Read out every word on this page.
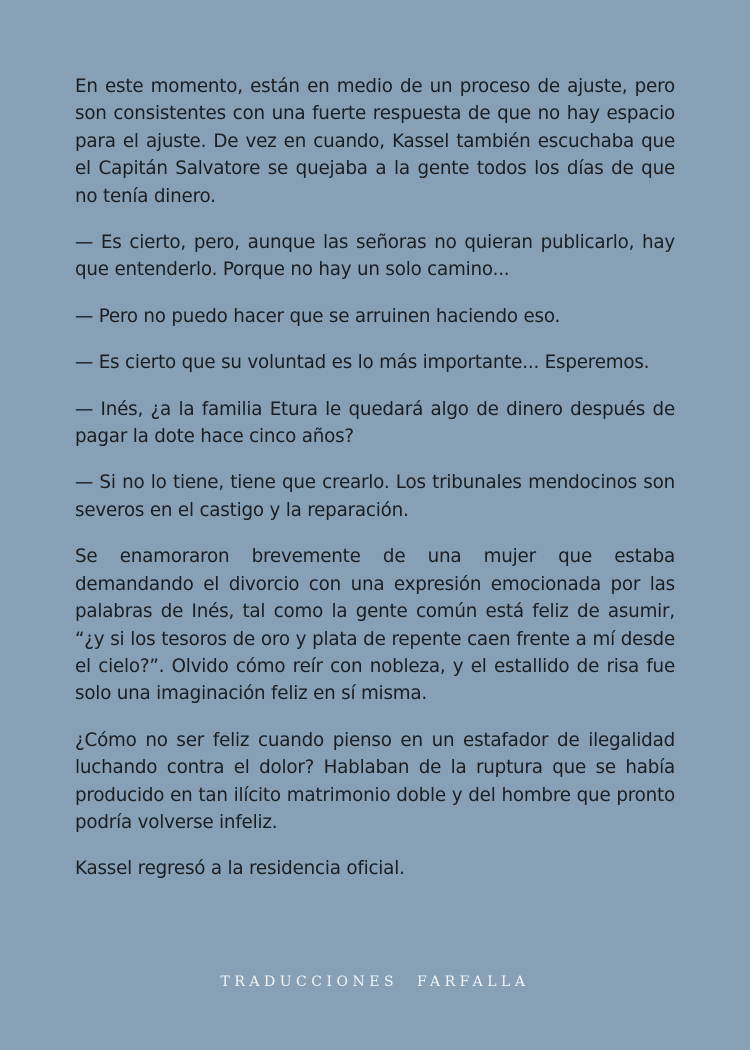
En este momento, están en medio de un proceso de ajuste, pero son consistentes con una fuerte respuesta de que no hay espacio para el ajuste. De vez en cuando, Kassel también escuchaba que el Capitán Salvatore se quejaba a la gente todos los días de que no tenía dinero.

— Es cierto, pero, aunque las señoras no quieran publicarlo, hay que entenderlo. Porque no hay un solo camino...

— Pero no puedo hacer que se arruinen haciendo eso.

— Es cierto que su voluntad es lo más importante... Esperemos.

— Inés, ¿a la familia Etura le quedará algo de dinero después de pagar la dote hace cinco años?

— Si no lo tiene, tiene que crearlo. Los tribunales mendocinos son severos en el castigo y la reparación.

Se enamoraron brevemente de una mujer que estaba demandando el divorcio con una expresión emocionada por las palabras de Inés, tal como la gente común está feliz de asumir, “¿y si los tesoros de oro y plata de repente caen frente a mí desde el cielo?”. Olvido cómo reír con nobleza, y el estallido de risa fue solo una imaginación feliz en sí misma.

¿Cómo no ser feliz cuando pienso en un estafador de ilegalidad luchando contra el dolor? Hablaban de la ruptura que se había producido en tan ilícito matrimonio doble y del hombre que pronto podría volverse infeliz.

Kassel regresó a la residencia oficial.

TRADUCCIONES FARFALLA
